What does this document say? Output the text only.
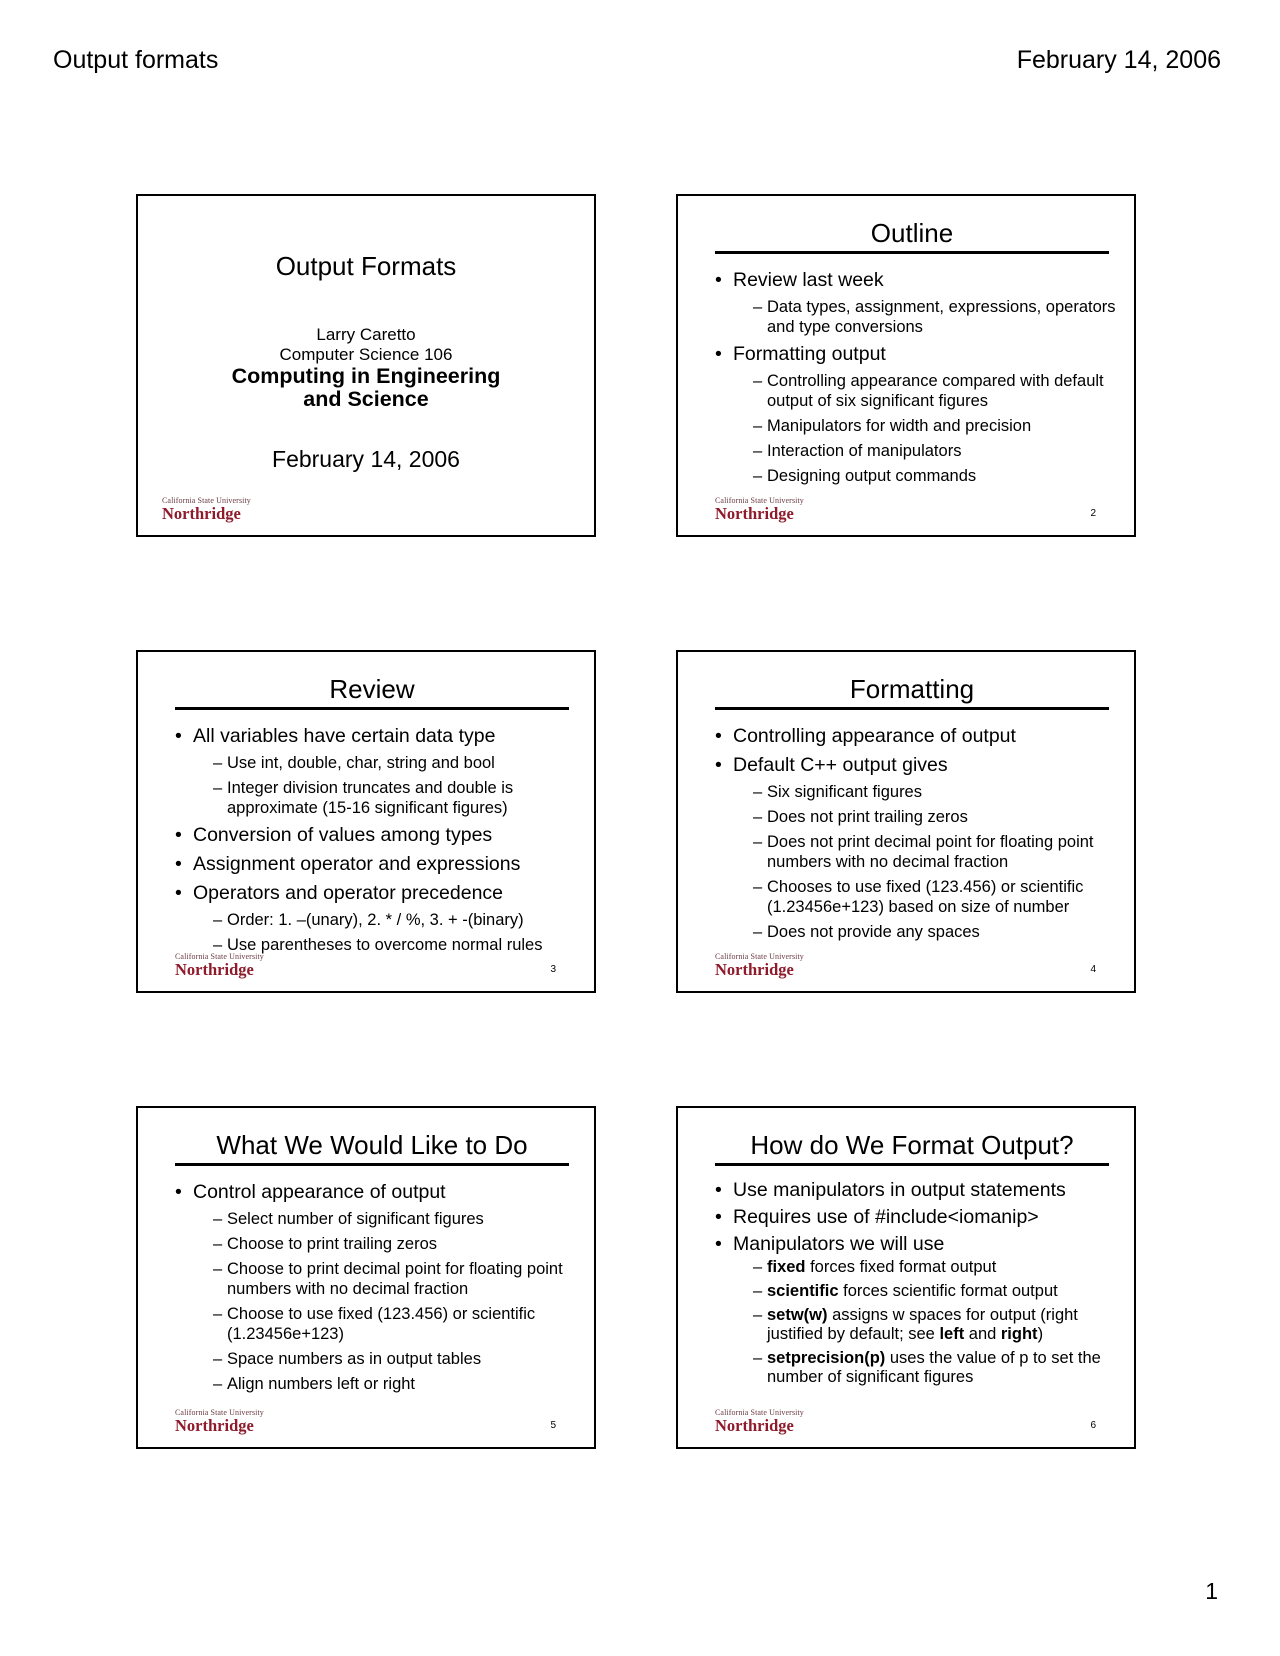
Output formats	February 14, 2006
Output Formats
Larry Caretto
Computer Science 106
Computing in Engineering
and Science
February 14, 2006
California State University
Northridge
Outline
• Review last week
– Data types, assignment, expressions, operators and type conversions
• Formatting output
– Controlling appearance compared with default output of six significant figures
– Manipulators for width and precision
– Interaction of manipulators
– Designing output commands
California State University
Northridge	2
Review
• All variables have certain data type
– Use int, double, char, string and bool
– Integer division truncates and double is approximate (15-16 significant figures)
• Conversion of values among types
• Assignment operator and expressions
• Operators and operator precedence
– Order: 1. –(unary), 2. * / %, 3. + -(binary)
– Use parentheses to overcome normal rules
California State University
Northridge	3
Formatting
• Controlling appearance of output
• Default C++ output gives
– Six significant figures
– Does not print trailing zeros
– Does not print decimal point for floating point numbers with no decimal fraction
– Chooses to use fixed (123.456) or scientific (1.23456e+123) based on size of number
– Does not provide any spaces
California State University
Northridge	4
What We Would Like to Do
• Control appearance of output
– Select number of significant figures
– Choose to print trailing zeros
– Choose to print decimal point for floating point numbers with no decimal fraction
– Choose to use fixed (123.456) or scientific (1.23456e+123)
– Space numbers as in output tables
– Align numbers left or right
California State University
Northridge	5
How do We Format Output?
• Use manipulators in output statements
• Requires use of #include<iomanip>
• Manipulators we will use
– fixed forces fixed format output
– scientific forces scientific format output
– setw(w) assigns w spaces for output (right justified by default; see left and right)
– setprecision(p) uses the value of p to set the number of significant figures
California State University
Northridge	6
1
